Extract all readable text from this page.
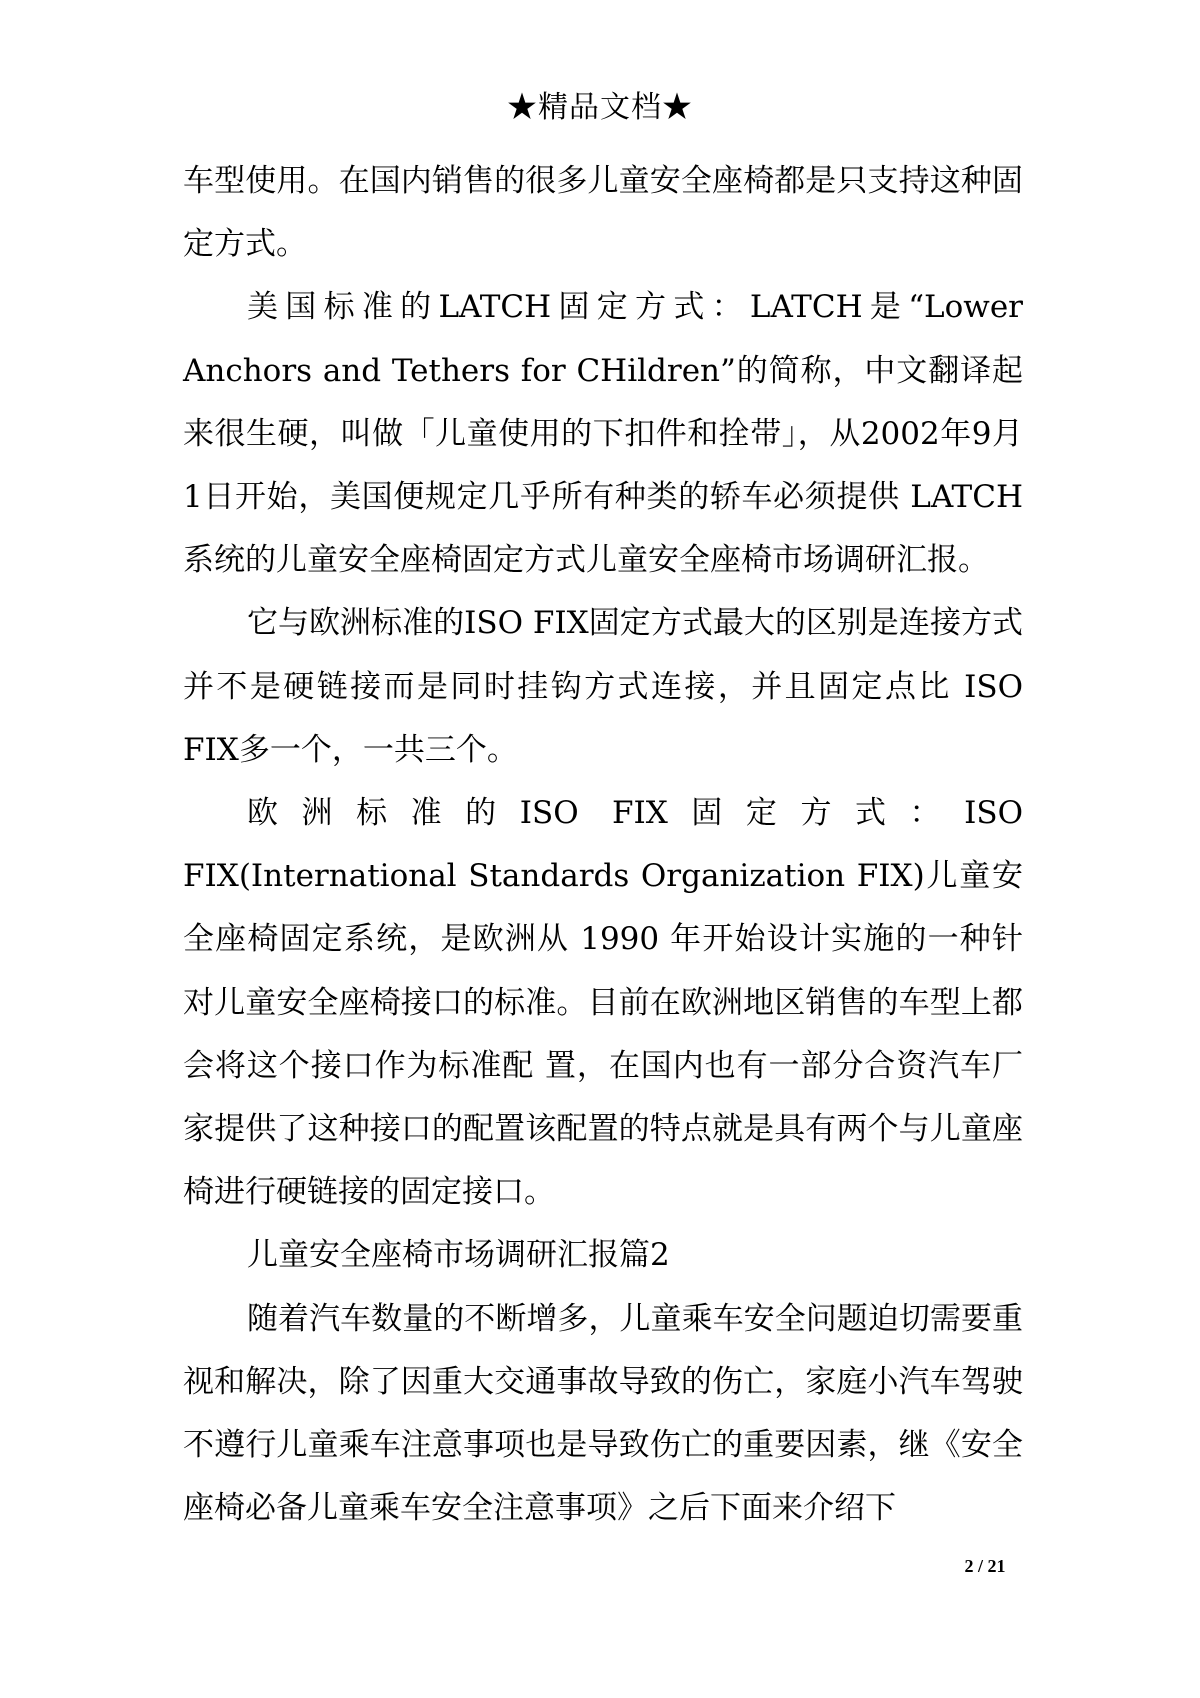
★精品文档★

车型使用。在国内销售的很多儿童安全座椅都是只支持这种固定方式。

美国标准的LATCH固定方式：LATCH是“Lower Anchors and Tethers for CHildren”的简称，中文翻译起来很生硬，叫做「儿童使用的下扣件和拴带」，从2002年9月1日开始，美国便规定几乎所有种类的轿车必须提供 LATCH 系统的儿童安全座椅固定方式儿童安全座椅市场调研汇报。

它与欧洲标准的ISO FIX固定方式最大的区别是连接方式并不是硬链接而是同时挂钩方式连接，并且固定点比 ISO FIX多一个，一共三个。

欧洲标准的ISO FIX固定方式：ISO FIX(International Standards Organization FIX)儿童安全座椅固定系统，是欧洲从 1990 年开始设计实施的一种针对儿童安全座椅接口的标准。目前在欧洲地区销售的车型上都会将这个接口作为标准配 置，在国内也有一部分合资汽车厂家提供了这种接口的配置该配置的特点就是具有两个与儿童座椅进行硬链接的固定接口。

儿童安全座椅市场调研汇报篇2

随着汽车数量的不断增多，儿童乘车安全问题迫切需要重视和解决，除了因重大交通事故导致的伤亡，家庭小汽车驾驶不遵行儿童乘车注意事项也是导致伤亡的重要因素，继《安全座椅必备儿童乘车安全注意事项》之后下面来介绍下

2 / 21
